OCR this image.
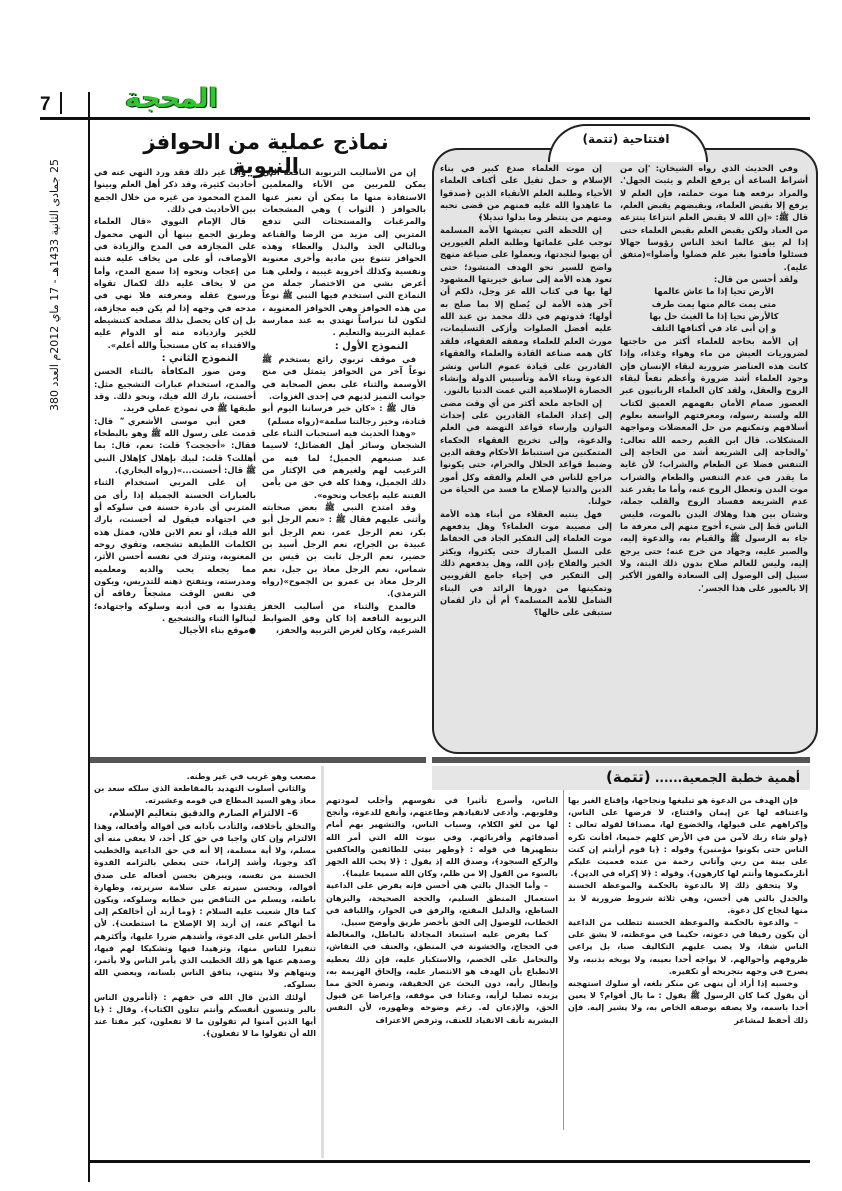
7	المحجة
25 جمادى الثانية 1433هـ - 17 ماي 2012م العدد 380
نماذج عملية من الحوافز النبوية
افتتاحية (تتمة)

وفي الحديث الذي رواه الشيخان: 'إن من أشراط الساعة أن يرفع العلم و يثبت الجهل'. والمراد برفعه هنا موت حملته، فإن العلم لا يرفع إلا بقبض العلماء، وبقبضهم يقبض العلم، قال ﷺ: «إن الله لا يقبض العلم انتزاعا ينتزعه من العباد ولكن يقبض العلم بقبض العلماء حتى إذا لم يبق عالما اتخذ الناس رؤوسا جهالا فسئلوا فأفتوا بغير علم فضلوا وأضلوا»(متفق عليه).

ولقد أحسن من قال:

الأرض تحيا إذا ما عاش عالمها

متى يمت عالم منها يمت طرف

كالأرض تحيا إذا ما الغيث حل بها

و إن أبى عاد في أكنافها التلف

إن الأمة بحاجة للعلماء أكثر من حاجتها لضروريات العيش من ماء وهواء وغذاء، وإذا كانت هذه العناصر ضرورية لبقاء الإنسان فإن وجود العلماء أشد ضرورة وأعظم نفعاً لبقاء الروح والعقل، ولقد كان العلماء الربانيون عبر العصور صمام الأمان بفهمهم العميق لكتاب الله ولسنة رسوله، ومعرفتهم الواسعة بعلوم أسلافهم وتمكنهم من حل المعضلات ومواجهة المشكلات. قال ابن القيم رحمه الله تعالى: 'والحاجة إلى الشريعة أشد من الحاجة إلى التنفس فضلا عن الطعام والشراب؛ لأن غاية ما يقدر في عدم التنفس والطعام والشراب موت البدن وتعطل الروح عنه، وأما ما يقدر عند عدم الشريعة ففساد الروح والقلب جملة، وشتان بين هذا وهلاك البدن بالموت، فليس الناس قط إلى شيء أحوج منهم إلى معرفة ما جاء به الرسول ﷺ والقيام به، والدعوة إليه، والصبر عليه، وجهاد من خرج عنه؛ حتى يرجع إليه، وليس للعالم صلاح بدون ذلك البتة، ولا سبيل إلى الوصول إلى السعادة والفوز الأكبر إلا بالعبور على هذا الجسر'.

إن موت العلماء صدع كبير في بناء الإسلام و حمل ثقيل على أكتاف العلماء الأحياء وطلبة العلم الأتقياء الذين ﴿صدقوا ما عاهدوا الله عليه فمنهم من قضى نحبه ومنهم من ينتظر وما بدلوا تبديلا﴾

إن اللحظة التي تعيشها الأمة المسلمة توجب على علمائها وطلبة العلم الغيورين أن يهبوا لنجدتها، ويعملوا على صياغة منهج واضح للسير نحو الهدف المنشود؛ حتى تعود هذه الأمة إلى سابق خيريتها المشهود لها بها في كتاب الله عز وجل، ذلكم أن آخر هذه الأمة لن يُصلح إلا بما صلح به أولها؛ قدوتهم في ذلك محمد بن عبد الله عليه أفضل الصلوات وأزكى التسليمات، مورث العلم للعلماء ومفقه الفقهاء، فلقد كان همه صناعة القادة والعلماء والفقهاء القادرين على قيادة عموم الناس ونشر الدعوة وبناء الأمة وتأسيس الدولة وإنشاء الحضارة الإسلامية التي عمت الدنيا بالنور.

إن الحاجة ملحة أكثر من أي وقت مضى إلى إعداد العلماء القادرين على إحداث التوازن وإرساء قواعد النهضة في العلم والدعوة، وإلى تخريج الفقهاء الحكماء المتمكنين من استنباط الأحكام وفقه الدين وضبط قواعد الحلال والحرام، حتى يكونوا مراجع للناس في العلم والفقه وكل أمور الدين والدنيا لإصلاح ما فسد من الحياة من حولنا.

فهل ينتبه العقلاء من أبناء هذه الأمة إلى مصيبة موت العلماء؟ وهل يدفعهم موت العلماء إلى التفكير الجاد في الحفاظ على النسل المبارك حتى يكثروا، ويكثر الخير والفلاح بإذن الله، وهل يدفعهم ذلك إلى التفكير في إحياء جامع القرويين وتمكينها من دورها الرائد في البناء الشامل للأمة المسلمة؟ أم أن دار لقمان ستبقى على حالها؟

إن من الأساليب التربوية النافعة التي يمكن للمربين من الآباء والمعلمين الاستفادة منها ما يمكن أن نعبر عنها بالحوافز ( الثواب ) وهي المشجعات والمرغبات والمستحثات التي تدفع المتربي إلى مزيد من الرضا والقناعة وبالتالي الجد والبذل والعطاء وهذه الحوافز تتنوع بين مادية وأخرى معنوية ونفسية وكذلك أخروية غيبية ، ولعلي هنا أعرض بشي من الاختصار جملة من النماذج التي استخدم فيها النبي ﷺ نوعاً من هذه الحوافز وهي الحوافز المعنوية ، لتكون لنا نبراساً نهتدي به عند ممارسة عملية التربية والتعليم .

النموذج الأول :

في موقف تربوي رائع يستخدم ﷺ نوعاً آخر من الحوافز يتمثل في منح الأوسمة والثناء على بعض الصحابة في جوانب التميز لديهم في إحدى الغزوات.

قال ﷺ : «كان خير فرساننا اليوم أبو قتادة، وخير رجالتنا سلمة»(رواه مسلم)

«وهذا الحديث فيه استحباب الثناء على الشجعان وسائر أهل الفضائل؛ لاسيما عند صنيعهم الجميل؛ لما فيه من الترغيب لهم ولغيرهم في الإكثار من ذلك الجميل، وهذا كله في حق من يأمن الفتنة عليه بإعجاب ونحوه».

وقد امتدح النبي ﷺ بعض صحابته وأثنى عليهم فقال ﷺ : «نعم الرجل أبو بكر، نعم الرجل عمر، نعم الرجل أبو عبيدة بن الجراح، نعم الرجل أسيد بن حضير، نعم الرجل ثابت بن قيس بن شماس، نعم الرجل معاذ بن جبل، نعم الرجل معاذ بن عمرو بن الجموح»(رواه الترمذي).

فالمدح والثناء من أساليب الحفز التربوية النافعة إذا كان وفق الضوابط الشرعية، وكان لغرض التربية والحفز،

وأما غير ذلك فقد ورد النهي عنه في أحاديث كثيرة، وقد ذكر أهل العلم وبينوا المدح المحمود من غيره من خلال الجمع بين الأحاديث في ذلك.

قال الإمام النووي «قال العلماء وطريق الجمع بينها أن النهي محمول على المجازفة في المدح والزيادة في الأوصاف، أو على من يخاف عليه فتنة من إعجاب ونحوه إذا سمع المدح، وأما من لا يخاف عليه ذلك لكمال تقواه ورسوخ عقله ومعرفته فلا نهي في مدحه في وجهه إذا لم يكن فيه مجازفة، بل إن كان يحصل بذلك مصلحة كتنشيطه للخير وازدياده منه أو الدوام عليه والاقتداء به كان مستحباً والله أعلم».

النموذج الثاني :

ومن صور المكافأة بالثناء الحسن والمدح، استخدام عبارات التشجيع مثل: أحسنت، بارك الله فيك، ونحو ذلك. وقد طبقها ﷺ في نموذج عملي فريد.

فعن أبي موسى الأشعري ؓ قال: قدمت على رسول الله ﷺ وهو بالبطحاء فقال: «أحججت؟ قلت: نعم، قال: بما أهللت؟ قلت: لبيك بإهلال كإهلال النبي ﷺ قال: أحسنت...»(رواه البخاري).

إن على المربي استخدام الثناء بالعبارات الحسنة الجميلة إذا رأى من المتربي أي بادرة حسنة في سلوكه أو في اجتهاده فيقول له أحسنت، بارك الله فيك، أو نعم الابن فلان، فمثل هذه الكلمات اللطيفة تشجعه، وتقوي روحه المعنوية، وتترك في نفسه أحسن الأثر، مما يجعله يحب والديه ومعلميه ومدرسته، ويتفتح ذهنه للتدريس، ويكون في نفس الوقت مشجعاً رفاقه أن يقتدوا به في أدبه وسلوكه واجتهاده؛ لينالوا الثناء والتشجيع .

● موقع بناء الأجيال

أهمية خطبة الجمعية...... (تتمة)

فإن الهدف من الدعوة هو تبليغها ونجاحها، وإقناع الغير بها واعتناقه لها عن إيمان واقتناع، لا فرضها على الناس، وإكراههم على قبولها، والخضوع لها، مصداقا لقوله تعالى :﴿ولو شاء ربك لآمن من في الأرض كلهم جميعا، أفأنت تكره الناس حتى يكونوا مؤمنين﴾ وقوله : ﴿يا قوم أرأيتم إن كنت على بينة من ربي وآتاني رحمة من عنده فعميت عليكم أنلزمكموها وأنتم لها كارهون﴾. وقوله : ﴿لا إكراه في الدين﴾.

ولا يتحقق ذلك إلا بالدعوة بالحكمة والموعظة الحسنة والجدل بالتي هي أحسن، وهي ثلاثة شروط ضرورية لا بد منها لنجاح كل دعوة.

– والدعوة بالحكمة والموعظة الحسنة تتطلب من الداعية أن يكون رفيقا في دعوته، حكيما في موعظته، لا يشق على الناس شقا، ولا يصب عليهم التكاليف صبا، بل يراعي ظروفهم وأحوالهم. لا يواجه أحدا بعيبه، ولا يوبخه بذنبه، ولا يصرح في وجهه بتجريحه أو تكفيره.

وحسبه إذا أراد أن ينهى عن منكر بلغه، أو سلوك استهجنه أن يقول كما كان الرسول ﷺ يقول : ما بال أقوام؟ لا يعين أحدا باسمه، ولا يصفه بوصفه الخاص به، ولا يشير إليه. فإن ذلك أحفظ لمشاعر

الناس، وأسرع تأثيرا في نفوسهم وأجلب لمودتهم وقلوبهم. وأدعى لانقيادهم وطاعتهم، وأنفع للدعوة، وأنجح لها من لغو الكلام، وسباب الناس، والتشهير بهم أمام أصدقائهم وأقربائهم. وفي بيوت الله التي أمر الله بتطهيرها في قوله : ﴿وطهر بيتي للطائفين والعاكفين والركع السجود﴾، وصدق الله إذ يقول : ﴿لا يحب الله الجهر بالسوء من القول إلا من ظلم، وكان الله سميعا عليما﴾.

– وأما الجدال بالتي هي أحسن فإنه يفرض على الداعية استعمال المنطق السليم، والحجة الصحيحة، والبرهان الساطع، والدليل المقنع، والرفق في الحوار، واللباقة في الخطاب، للوصول إلى الحق بأخصر طريق وأوضح سبيل.

كما يفرض عليه استبعاد المجادلة بالباطل، والمغالطة في الحجاج، والخشونة في المنطق، والعنف في النقاش، والتحامل على الخصم، والاستكبار عليه، فإن ذلك يعطيه الانطباع بأن الهدف هو الانتصار عليه، وإلحاق الهزيمة به، وإبطال رأيه، دون البحث عن الحقيقة، ونصرة الحق مما يزيده تصلبا لرأيه، وعنادا في موقفه، وإعراضا عن قبول الحق، والإذعان له. رغم وضوحه وظهوره، لأن النفس البشرية تأنف الانقياد للعنف، وترفض الاعتراف

مصعب وهو غريب في غير وطنه.

والثاني أسلوب التهديد بالمقاطعة الذي سلكه سعد بن معاذ وهو السيد المطاع في قومه وعشيرته.

6– الالتزام الصارم والدقيق بتعاليم الإسلام،

والتخلق بأخلاقه، والتأدب بآدابه في أقواله وأفعاله، وهذا الالتزام وإن كان واجبا في حق كل أحد، لا يعفى منه أي مسلم، ولا أية مسلمة، إلا أنه في حق الداعية والخطيب آكد وجوبا، وأشد إلزاما، حتى يعطي بالتزامه القدوة الحسنة من نفسه، ويبرهن بحسن أفعاله على صدق أقواله، وبحسن سيرته على سلامة سريرته، وطهارة باطنه، ويسلم من التناقض بين خطابه وسلوكه، ويكون كما قال شعيب عليه السلام : ﴿وما أريد أن أخالفكم إلى ما أنهاكم عنه، إن أريد إلا الإصلاح ما استطعت﴾. لأن أخطر الناس على الدعوة، وأشدهم ضررا عليها، وأكثرهم تنفيرا للناس منها، وتزهيدا فيها وتشكيكا لهم فيها، وصدهم عنها هو ذلك الخطيب الذي يأمر الناس ولا يأتمر، وينهاهم ولا ينتهي، ينافق الناس بلسانه، ويعصي الله بسلوكه.

أولئك الذين قال الله في حقهم : ﴿أتأمرون الناس بالبر وتنسون أنفسكم وأنتم تتلون الكتاب﴾. وقال : ﴿يا أيها الذين آمنوا لم تقولون ما لا تفعلون، كبر مقتا عند الله أن تقولوا ما لا تفعلون﴾.
